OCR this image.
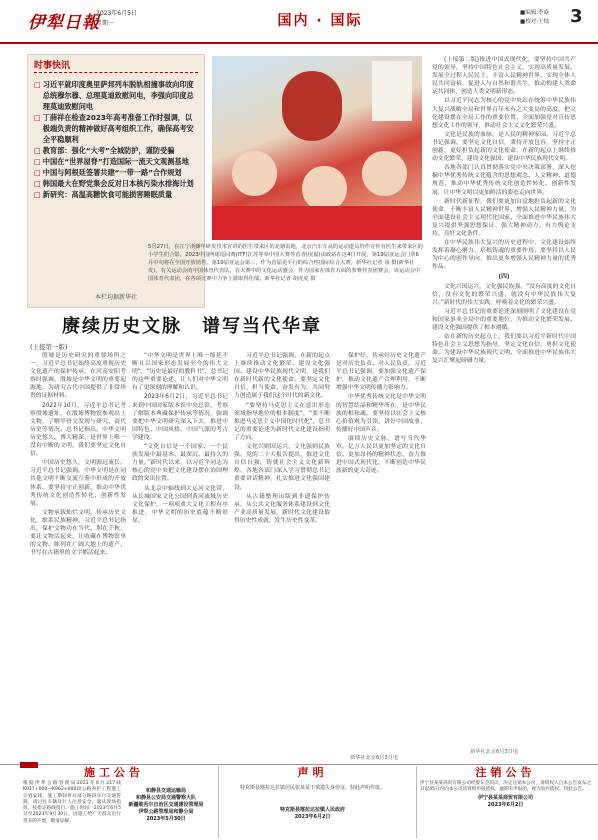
伊犁日報
2023年6月5日
星期一	国内 · 国际	■编辑:李焱
■校对:王灿 3
时事快讯
□ 习近平就印度奥里萨邦列车脱轨相撞事故向印度总统穆尔穆、总理莫迪致慰问电，李强向印度总理莫迪致慰问电
□ 丁薛祥在检查2023年高考准备工作时强调，以极端负责的精神做好高考组织工作，确保高考安全平稳顺利
□ 教育部：强化“大考”全城防护，谨防受骗
□ 中国在“世界屋脊”打造国际一流天文观测基地
□ 中国与阿根廷签署共建“一带一路”合作规划
□ 韩国最大在野党集会反对日本核污染水排海计划
□ 新研究：高温高糖饮食可能损害睡眠质量
本栏均据新华社
5月27日，在江宁浙嫌年研发技术宣讲的医生带来区的北塘雷地，北京汽车车从的运动道员培作宣传有医生来带来区的小学生们合影。2023中国网球巡回赛(ITF)江苏等举中国大赛等首青团(福)由政站在这4日开展，第19届亚运会门票6月中旬将在全国开放销售，第19届亚运会第三，作为首届更平行的综合性国际综合大赛，新华社记者 汤 摄(新华社发)，有关运动会的中国体育代表队，在大赛中的文化运动盛会，作为国家在体育方面的参赛代表团赛会，该运动会中国体育代表团，在各项比赛中力争上游取得佳绩。新华社记者 胡虎虎 摄

(上接第二版)推进中国式现代化，要坚持中国共产党的领导，坚持中国特色社会主义，实现高质量发展，发展全过程人民民主，丰富人民精神世界，实现全体人民共同富裕，促进人与自然和谐共生，推动构建人类命运共同体，创造人类文明新形态。

以习近平同志为核心的党中央站在统筹中华民族伟大复兴战略全局和世界百年未有之大变局的高度，把文化建设摆在全局工作的重要位置，全面加强党对宣传思想文化工作的领导，推动社会主义文化繁荣兴盛。

文化是民族的血脉，是人民的精神家园。习近平总书记强调，要坚定文化自信，秉持开放包容，坚持守正创新，更好担负起新的文化使命，在新的起点上继续推动文化繁荣、建设文化强国、建设中华民族现代文明。

各地各部门认真贯彻落实党中央决策部署，深入挖掘中华优秀传统文化蕴含的思想观念、人文精神、道德规范，推动中华优秀传统文化创造性转化、创新性发展，让中华文明以更加鲜活的姿态走向世界。

新时代新征程，我们要更加自觉地担负起新的文化使命，不断丰富人民精神世界、增强人民精神力量，为全面建设社会主义现代化国家、全面推进中华民族伟大复兴提供坚强思想保证、强大精神动力、有力舆论支持、良好文化条件。

在中华民族伟大复兴的历史进程中，文化建设始终发挥着凝心聚力、培根铸魂的重要作用。要坚持以人民为中心的创作导向，推出更多增强人民精神力量的优秀作品。

(四)

文化兴国运兴，文化强民族强。“没有高度的文化自信，没有文化的繁荣兴盛，就没有中华民族伟大复兴。”新时代的伟大实践，呼唤着文化的繁荣兴盛。

习近平总书记的重要论述深刻阐明了文化建设在党和国家事业全局中的重要地位，为推动文化繁荣发展、建设文化强国提供了根本遵循。

站在新的历史起点上，我们要以习近平新时代中国特色社会主义思想为指导，坚定文化自信，勇担文化使命，为建设中华民族现代文明、全面推进中华民族伟大复兴汇聚起磅礴力量。

新华社北京6月3日电
赓续历史文脉　谱写当代华章
(上接第一版)

殷墟是历史研究的重要场所之一，习近平总书记始终高度重视历史文化遗产的保护传承，在河南安阳考察时强调，殷墟是中华文明的重要起源地，为研究古代中国提供了非常珍贵的证据材料。

2022年10月，习近平总书记考察殷墟遗址，在殷墟博物馆参观出土文物，了解甲骨文发现与研究、商代历史等情况。总书记指出，中华文明历史悠久、博大精深，是世界上唯一没有中断的文明，我们要坚定文化自信。

中国历史悠久，文明源远流长。习近平总书记强调，中华文明是在同其他文明不断交流互鉴中形成的开放体系，要坚持守正创新，推动中华优秀传统文化创造性转化、创新性发展。

文物承载灿烂文明，传承历史文化，维系民族精神。习近平总书记指出，保护文物功在当代、利在千秋，要让文物活起来，让收藏在博物馆里的文物、陈列在广阔大地上的遗产、书写在古籍里的文字都活起来。

“中华文明是世界上唯一绵延不断且以国家形态发展至今的伟大文明”，“历史是最好的教科书”，总书记的这些重要论述，让人们对中华文明有了更深刻的理解和认识。

2023年6月2日，习近平总书记来到中国国家版本馆中央总馆，考察了解版本典藏保护传承等情况，强调要把中华文明研究深入下去，推进中国特色、中国风格、中国气派的考古学建设。

“文化自信是一个国家、一个民族发展中最基本、最深沉、最持久的力量。”新时代以来，以习近平同志为核心的党中央把文化建设摆在治国理政的突出位置。

从北京中轴线到大运河文化带，从长城国家文化公园到黄河流域历史文化保护，一项项重大文化工程有序推进，中华文明的历史底蕴不断彰显。

习近平总书记强调，在新的起点上继续推动文化繁荣、建设文化强国、建设中华民族现代文明，是我们在新时代新的文化使命。要坚定文化自信，担当使命、奋发有为，共同努力创造属于我们这个时代的新文化。

“要坚持马克思主义在意识形态领域指导地位的根本制度”，“要不断推进马克思主义中国化时代化”，总书记的重要论述为新时代文化建设指明了方向。

文化兴则国运兴，文化强则民族强。党的二十大报告提出，推进文化自信自强，铸就社会主义文化新辉煌。各地各部门深入学习贯彻总书记重要讲话精神，扎实推进文化强国建设。

从古籍整理出版到非遗保护传承，从公共文化服务体系建设到文化产业高质量发展，新时代文化建设取得历史性成就、发生历史性变革。

保护好、传承好历史文化遗产是对历史负责、对人民负责。习近平总书记强调，要加强文化遗产保护，推动文化遗产合理利用，不断增强中华文明传播力影响力。

中华优秀传统文化是中华文明的智慧结晶和精华所在，是中华民族的根和魂。要坚持以社会主义核心价值观为引领，讲好中国故事，传播好中国声音。

赓续历史文脉，谱写当代华章。亿万人民以更加坚定的文化自信、更加昂扬的精神状态，奋力推进中国式现代化，不断创造中华民族新的更大奇迹。

新华社北京6月3日电
施工公告
根据伊犁公路管理局2023年6月217线K917+000—K962+000段公路养护工程施工计划安排，施工期间将对部分路段实行交通管制，请过往车辆及行人注意安全，服从现场指挥，按指定路线绕行。施工时间：2023年6月5日至2023年9月30日。因施工给广大群众出行带来的不便，敬请谅解。
和静县交通运输局
和静县公安局交通警察大队
新疆维吾尔自治区交通建设管理局
伊犁公路管理局和静分局
2023年5月30日
声明
特克斯县喀拉达拉镇居民张某某不慎遗失身份证，特此声明作废。
特克斯县喀拉达拉镇人民政府
2023年6月2日
注销公告
伊宁县某某商贸有限公司经股东会决议，决定注销本公司，请债权人自本公告发布之日起45日内向本公司清算组申报债权，逾期未申报的，视为放弃债权。特此公告。
伊宁县某某商贸有限公司
2023年6月2日
